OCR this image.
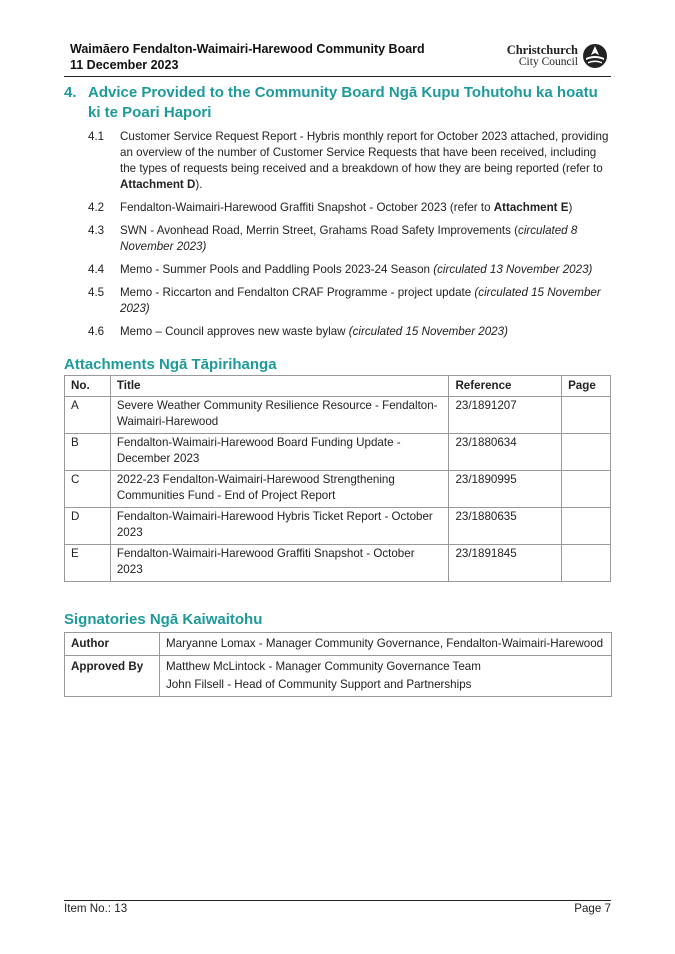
Waimāero Fendalton-Waimairi-Harewood Community Board
11 December 2023
Christchurch
City Council
4. Advice Provided to the Community Board Ngā Kupu Tohutohu ka hoatu ki te Poari Hapori
4.1	Customer Service Request Report - Hybris monthly report for October 2023 attached, providing an overview of the number of Customer Service Requests that have been received, including the types of requests being received and a breakdown of how they are being reported (refer to Attachment D).
4.2	Fendalton-Waimairi-Harewood Graffiti Snapshot - October 2023 (refer to Attachment E)
4.3	SWN - Avonhead Road, Merrin Street, Grahams Road Safety Improvements (circulated 8 November 2023)
4.4	Memo - Summer Pools and Paddling Pools 2023-24 Season (circulated 13 November 2023)
4.5	Memo - Riccarton and Fendalton CRAF Programme - project update (circulated 15 November 2023)
4.6	Memo – Council approves new waste bylaw (circulated 15 November 2023)
Attachments Ngā Tāpirihanga
No.	Title	Reference	Page
A	Severe Weather Community Resilience Resource - Fendalton-Waimairi-Harewood	23/1891207	
B	Fendalton-Waimairi-Harewood Board Funding Update - December 2023	23/1880634	
C	2022-23 Fendalton-Waimairi-Harewood Strengthening Communities Fund - End of Project Report	23/1890995	
D	Fendalton-Waimairi-Harewood Hybris Ticket Report - October 2023	23/1880635	
E	Fendalton-Waimairi-Harewood Graffiti Snapshot - October 2023	23/1891845	
Signatories Ngā Kaiwaitohu
Author	Maryanne Lomax - Manager Community Governance, Fendalton-Waimairi-Harewood

Approved By	Matthew McLintock - Manager Community Governance Team
John Filsell - Head of Community Support and Partnerships
Item No.: 13	Page 7
